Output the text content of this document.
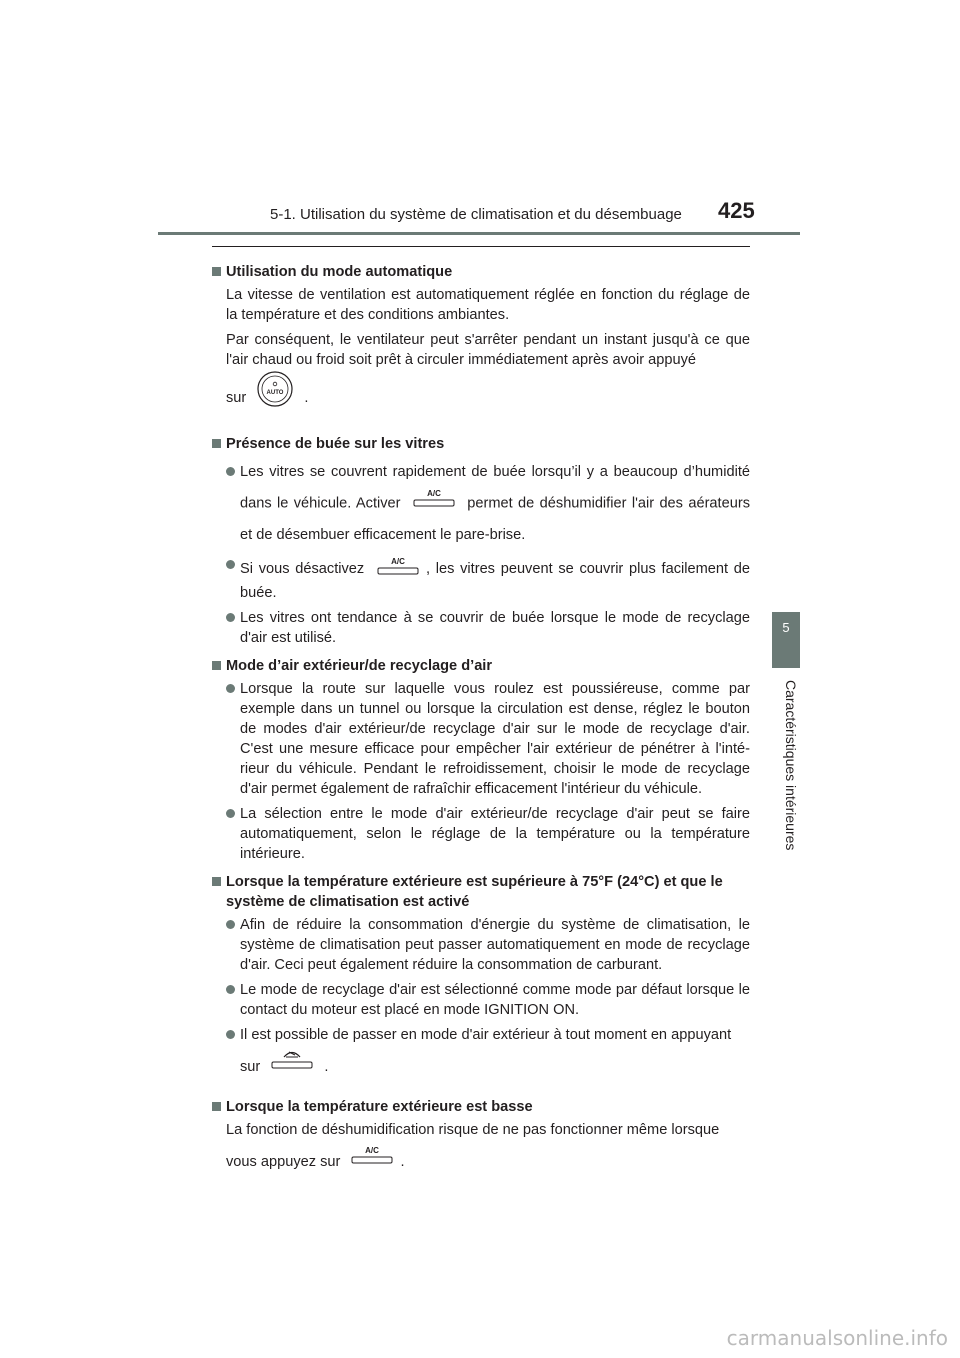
5-1. Utilisation du système de climatisation et du désembuage 425
5
Caractéristiques intérieures
Utilisation du mode automatique
La vitesse de ventilation est automatiquement réglée en fonction du réglage de la température et des conditions ambiantes.
Par conséquent, le ventilateur peut s'arrêter pendant un instant jusqu'à ce que l'air chaud ou froid soit prêt à circuler immédiatement après avoir appuyé
sur	AUTO .
Présence de buée sur les vitres
Les vitres se couvrent rapidement de buée lorsqu’il y a beaucoup d’humidité dans le véhicule. Activer
A/C
permet de déshumidifier l'air des aérateurs et de désembuer efficacement le pare-brise.
Si vous désactivez	A/C , les vitres peuvent se couvrir plus facilement de buée.
Les vitres ont tendance à se couvrir de buée lorsque le mode de recyclage d'air est utilisé.
Mode d’air extérieur/de recyclage d’air
Lorsque la route sur laquelle vous roulez est poussiéreuse, comme par exemple dans un tunnel ou lorsque la circulation est dense, réglez le bouton de modes d'air extérieur/de recyclage d'air sur le mode de recyclage d'air. C'est une mesure efficace pour empêcher l'air extérieur de pénétrer à l'intérieur du véhicule. Pendant le refroidissement, choisir le mode de recyclage d'air permet également de rafraîchir efficacement l'intérieur du véhicule.
La sélection entre le mode d'air extérieur/de recyclage d'air peut se faire automatiquement, selon le réglage de la température ou la température intérieure.
Lorsque la température extérieure est supérieure à 75°F (24°C) et que le système de climatisation est activé
Afin de réduire la consommation d'énergie du système de climatisation, le système de climatisation peut passer automatiquement en mode de recyclage d'air. Ceci peut également réduire la consommation de carburant.
Le mode de recyclage d'air est sélectionné comme mode par défaut lorsque le contact du moteur est placé en mode IGNITION ON.
Il est possible de passer en mode d'air extérieur à tout moment en appuyant
sur	.
Lorsque la température extérieure est basse
La fonction de déshumidification risque de ne pas fonctionner même lorsque
vous appuyez sur
A/C
.
carmanualsonline.info
